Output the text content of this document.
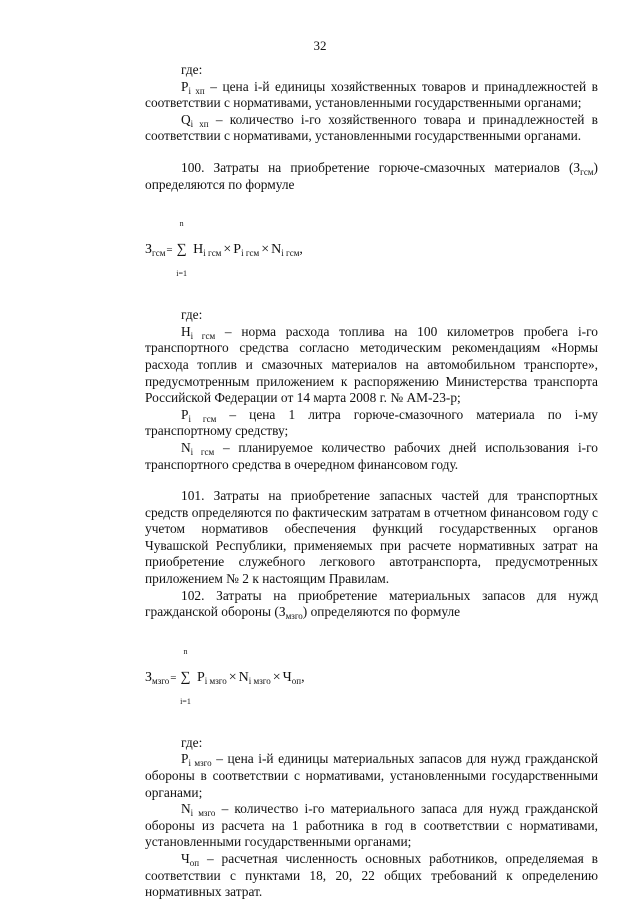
32

где:

$P_{i хп}$ – цена i-й единицы хозяйственных товаров и принадлежностей в соответствии с нормативами, установленными государственными органами;

$Q_{i хп}$ – количество i-го хозяйственного товара и принадлежностей в соответствии с нормативами, установленными государственными органами.

100. Затраты на приобретение горюче-смазочных материалов $(З_{гсм})$ определяются по формуле

$З_{гсм}=$
n
∑
i=1
$Н_{i гсм} \times Р_{i гсм} \times N_{i гсм}$,

где:

$Н_{i гсм}$ – норма расхода топлива на 100 километров пробега i-го транспортного средства согласно методическим рекомендациям «Нормы расхода топлив и смазочных материалов на автомобильном транспорте», предусмотренным приложением к распоряжению Министерства транспорта Российской Федерации от 14 марта 2008 г. № АМ-23-р;

$Р_{i гсм}$ – цена 1 литра горюче-смазочного материала по i-му транспортному средству;

$N_{i гсм}$ – планируемое количество рабочих дней использования i-го транспортного средства в очередном финансовом году.

101. Затраты на приобретение запасных частей для транспортных средств определяются по фактическим затратам в отчетном финансовом году с учетом нормативов обеспечения функций государственных органов Чувашской Республики, применяемых при расчете нормативных затрат на приобретение служебного легкового автотранспорта, предусмотренных приложением № 2 к настоящим Правилам.

102. Затраты на приобретение материальных запасов для нужд гражданской обороны $(З_{мзго})$ определяются по формуле

$З_{мзго}=$
n
∑
i=1
$Р_{i мзго} \times N_{i мзго} \times Ч_{оп}$,

где:

$Р_{i мзго}$ – цена i-й единицы материальных запасов для нужд гражданской обороны в соответствии с нормативами, установленными государственными органами;

$N_{i мзго}$ – количество i-го материального запаса для нужд гражданской обороны из расчета на 1 работника в год в соответствии с нормативами, установленными государственными органами;

$Ч_{оп}$ – расчетная численность основных работников, определяемая в соответствии с пунктами 18, 20, 22 общих требований к определению нормативных затрат.
